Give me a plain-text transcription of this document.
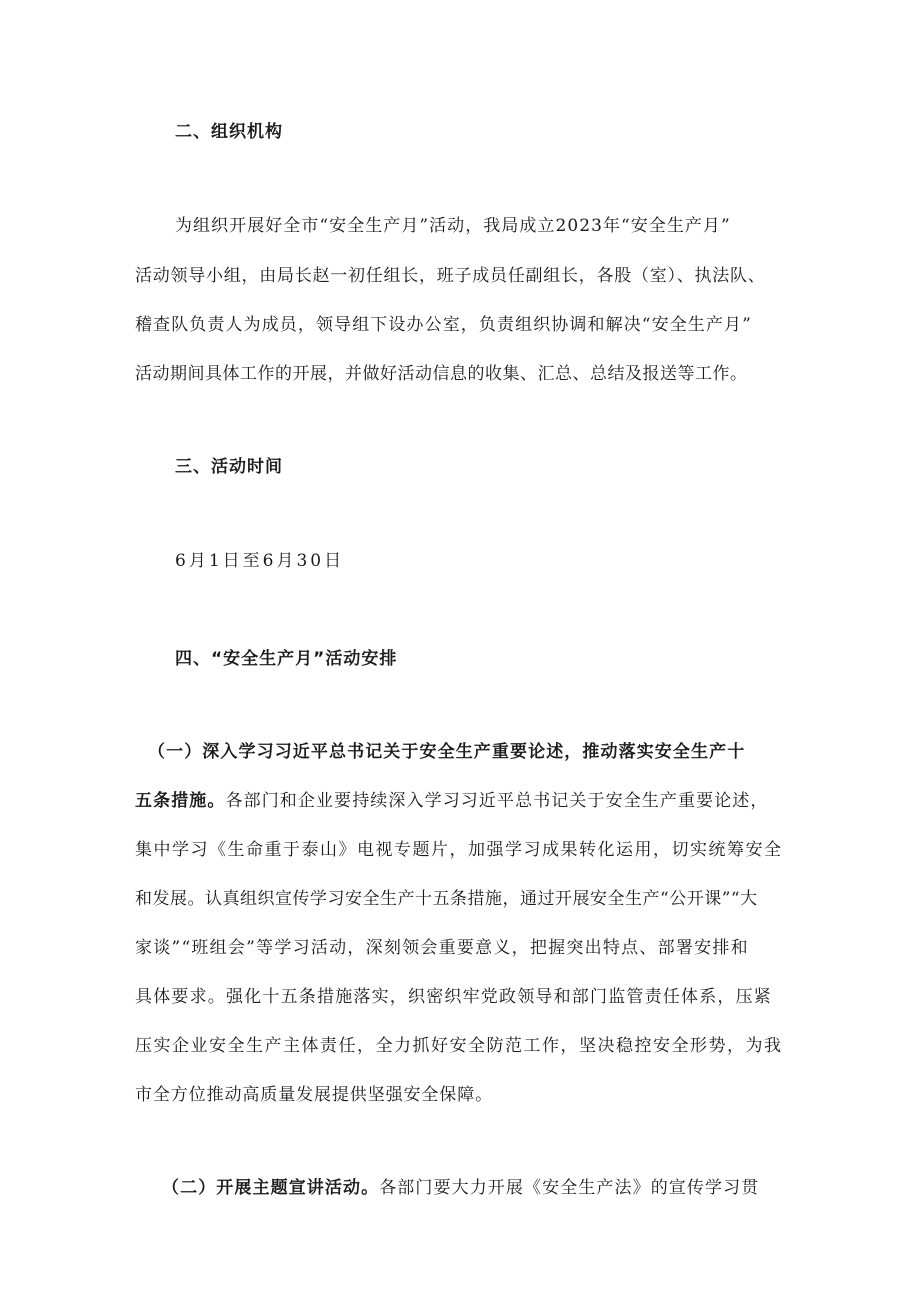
二、组织机构
为组织开展好全市“安全生产月”活动，我局成立2023年“安全生产月”
活动领导小组，由局长赵一初任组长，班子成员任副组长，各股（室）、执法队、
稽查队负责人为成员，领导组下设办公室，负责组织协调和解决“安全生产月”
活动期间具体工作的开展，并做好活动信息的收集、汇总、总结及报送等工作。
三、活动时间
6月1日至6月30日
四、“安全生产月”活动安排
（一）深入学习习近平总书记关于安全生产重要论述，推动落实安全生产十
五条措施。各部门和企业要持续深入学习习近平总书记关于安全生产重要论述，
集中学习《生命重于泰山》电视专题片，加强学习成果转化运用，切实统筹安全
和发展。认真组织宣传学习安全生产十五条措施，通过开展安全生产“公开课”“大
家谈”“班组会”等学习活动，深刻领会重要意义，把握突出特点、部署安排和
具体要求。强化十五条措施落实，织密织牢党政领导和部门监管责任体系，压紧
压实企业安全生产主体责任，全力抓好安全防范工作，坚决稳控安全形势，为我
市全方位推动高质量发展提供坚强安全保障。
（二）开展主题宣讲活动。各部门要大力开展《安全生产法》的宣传学习贯
